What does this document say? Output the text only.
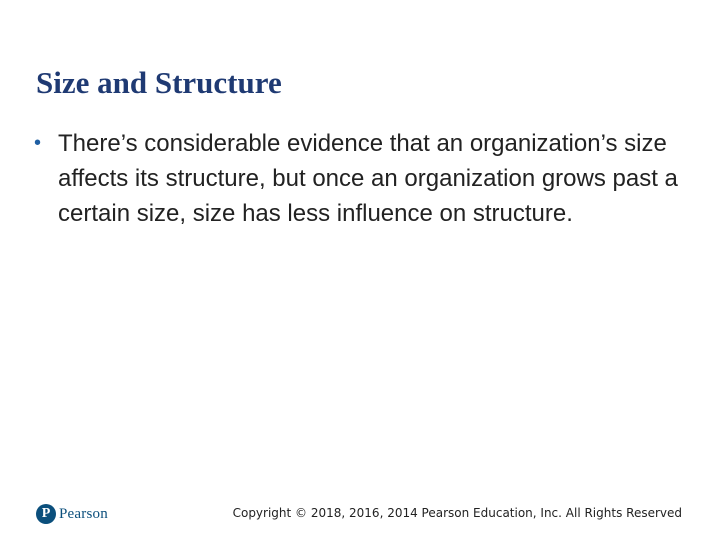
Size and Structure
• There’s considerable evidence that an organization’s size affects its structure, but once an organization grows past a certain size, size has less influence on structure.
P Pearson	Copyright © 2018, 2016, 2014 Pearson Education, Inc. All Rights Reserved
